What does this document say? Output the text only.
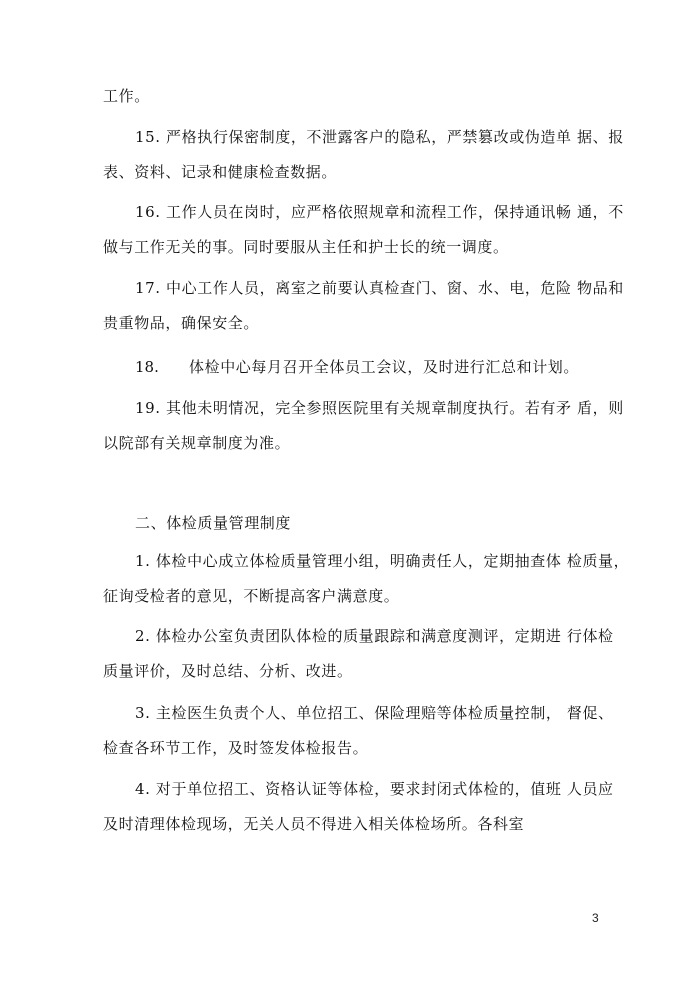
工作。
15. 严格执行保密制度，不泄露客户的隐私，严禁篡改或伪造单 据、报
表、资料、记录和健康检查数据。
16. 工作人员在岗时，应严格依照规章和流程工作，保持通讯畅 通，不
做与工作无关的事。同时要服从主任和护士长的统一调度。
17. 中心工作人员，离室之前要认真检查门、窗、水、电，危险 物品和
贵重物品，确保安全。
18. 体检中心每月召开全体员工会议，及时进行汇总和计划。
19. 其他未明情况，完全参照医院里有关规章制度执行。若有矛 盾，则
以院部有关规章制度为准。
二、体检质量管理制度
1. 体检中心成立体检质量管理小组，明确责任人，定期抽查体 检质量，
征询受检者的意见，不断提高客户满意度。
2. 体检办公室负责团队体检的质量跟踪和满意度测评，定期进 行体检
质量评价，及时总结、分析、改进。
3. 主检医生负责个人、单位招工、保险理赔等体检质量控制， 督促、
检查各环节工作，及时签发体检报告。
4. 对于单位招工、资格认证等体检，要求封闭式体检的，值班 人员应
及时清理体检现场，无关人员不得进入相关体检场所。各科室
3
